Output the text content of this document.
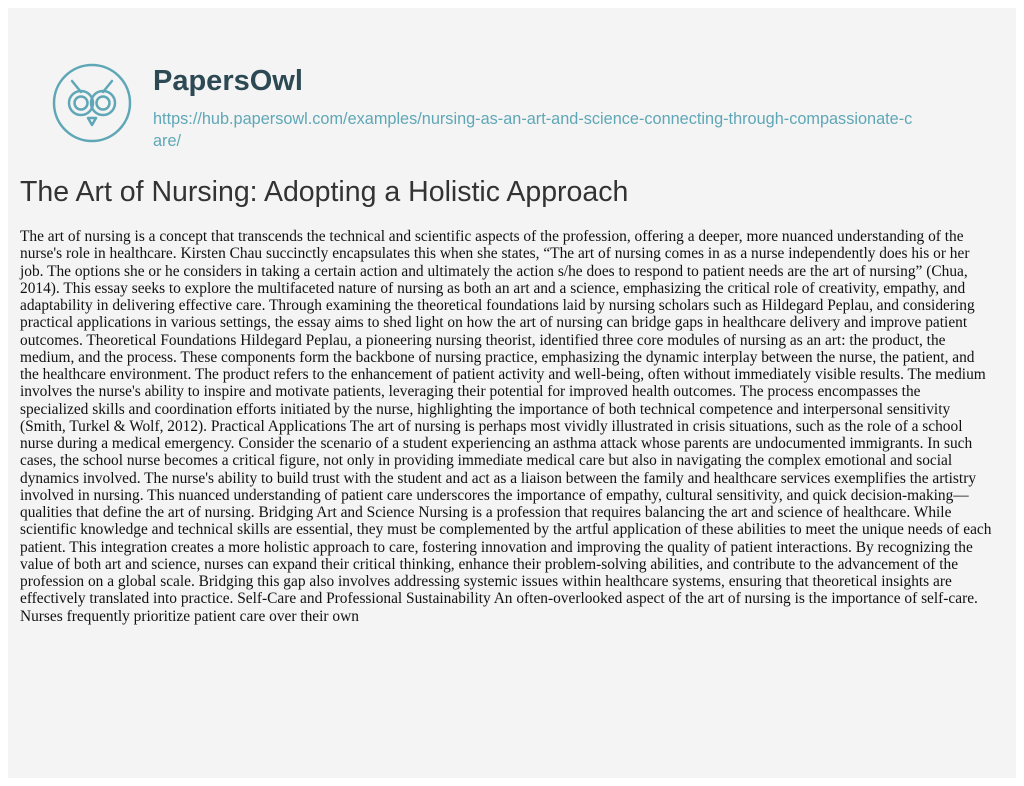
PapersOwl
https://hub.papersowl.com/examples/nursing-as-an-art-and-science-connecting-through-compassionate-care/
The Art of Nursing: Adopting a Holistic Approach

The art of nursing is a concept that transcends the technical and scientific aspects of the profession, offering a deeper, more nuanced understanding of the nurse's role in healthcare. Kirsten Chau succinctly encapsulates this when she states, “The art of nursing comes in as a nurse independently does his or her job. The options she or he considers in taking a certain action and ultimately the action s/he does to respond to patient needs are the art of nursing” (Chua, 2014). This essay seeks to explore the multifaceted nature of nursing as both an art and a science, emphasizing the critical role of creativity, empathy, and adaptability in delivering effective care. Through examining the theoretical foundations laid by nursing scholars such as Hildegard Peplau, and considering practical applications in various settings, the essay aims to shed light on how the art of nursing can bridge gaps in healthcare delivery and improve patient outcomes. Theoretical Foundations Hildegard Peplau, a pioneering nursing theorist, identified three core modules of nursing as an art: the product, the medium, and the process. These components form the backbone of nursing practice, emphasizing the dynamic interplay between the nurse, the patient, and the healthcare environment. The product refers to the enhancement of patient activity and well-being, often without immediately visible results. The medium involves the nurse's ability to inspire and motivate patients, leveraging their potential for improved health outcomes. The process encompasses the specialized skills and coordination efforts initiated by the nurse, highlighting the importance of both technical competence and interpersonal sensitivity (Smith, Turkel & Wolf, 2012). Practical Applications The art of nursing is perhaps most vividly illustrated in crisis situations, such as the role of a school nurse during a medical emergency. Consider the scenario of a student experiencing an asthma attack whose parents are undocumented immigrants. In such cases, the school nurse becomes a critical figure, not only in providing immediate medical care but also in navigating the complex emotional and social dynamics involved. The nurse's ability to build trust with the student and act as a liaison between the family and healthcare services exemplifies the artistry involved in nursing. This nuanced understanding of patient care underscores the importance of empathy, cultural sensitivity, and quick decision-making—qualities that define the art of nursing. Bridging Art and Science Nursing is a profession that requires balancing the art and science of healthcare. While scientific knowledge and technical skills are essential, they must be complemented by the artful application of these abilities to meet the unique needs of each patient. This integration creates a more holistic approach to care, fostering innovation and improving the quality of patient interactions. By recognizing the value of both art and science, nurses can expand their critical thinking, enhance their problem-solving abilities, and contribute to the advancement of the profession on a global scale. Bridging this gap also involves addressing systemic issues within healthcare systems, ensuring that theoretical insights are effectively translated into practice. Self-Care and Professional Sustainability An often-overlooked aspect of the art of nursing is the importance of self-care. Nurses frequently prioritize patient care over their own
